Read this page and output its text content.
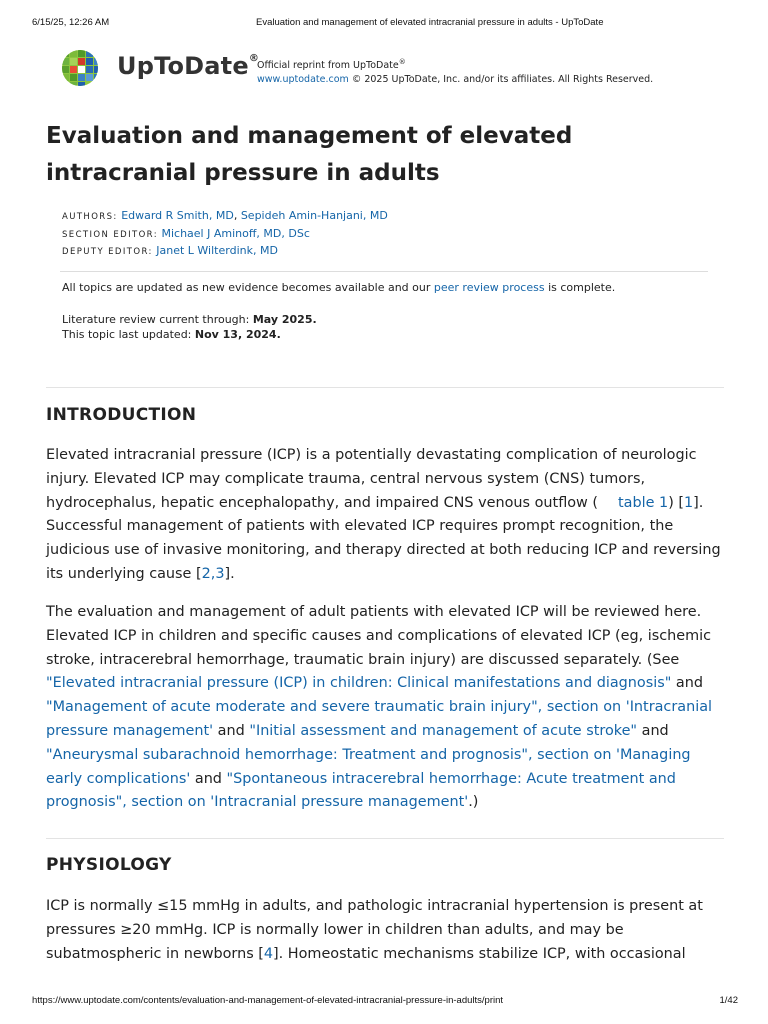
6/15/25, 12:26 AM	Evaluation and management of elevated intracranial pressure in adults - UpToDate
UpToDate®
Official reprint from UpToDate®
www.uptodate.com © 2025 UpToDate, Inc. and/or its affiliates. All Rights Reserved.
Evaluation and management of elevated intracranial pressure in adults
AUTHORS: Edward R Smith, MD, Sepideh Amin-Hanjani, MD
SECTION EDITOR: Michael J Aminoff, MD, DSc
DEPUTY EDITOR: Janet L Wilterdink, MD
All topics are updated as new evidence becomes available and our peer review process is complete.
Literature review current through: May 2025.
This topic last updated: Nov 13, 2024.
INTRODUCTION

Elevated intracranial pressure (ICP) is a potentially devastating complication of neurologic injury. Elevated ICP may complicate trauma, central nervous system (CNS) tumors, hydrocephalus, hepatic encephalopathy, and impaired CNS venous outflow ( table 1) [1]. Successful management of patients with elevated ICP requires prompt recognition, the judicious use of invasive monitoring, and therapy directed at both reducing ICP and reversing its underlying cause [2,3].

The evaluation and management of adult patients with elevated ICP will be reviewed here. Elevated ICP in children and specific causes and complications of elevated ICP (eg, ischemic stroke, intracerebral hemorrhage, traumatic brain injury) are discussed separately. (See "Elevated intracranial pressure (ICP) in children: Clinical manifestations and diagnosis" and "Management of acute moderate and severe traumatic brain injury", section on 'Intracranial pressure management' and "Initial assessment and management of acute stroke" and "Aneurysmal subarachnoid hemorrhage: Treatment and prognosis", section on 'Managing early complications' and "Spontaneous intracerebral hemorrhage: Acute treatment and prognosis", section on 'Intracranial pressure management'.)

PHYSIOLOGY

ICP is normally ≤15 mmHg in adults, and pathologic intracranial hypertension is present at pressures ≥20 mmHg. ICP is normally lower in children than adults, and may be subatmospheric in newborns [4]. Homeostatic mechanisms stabilize ICP, with occasional

https://www.uptodate.com/contents/evaluation-and-management-of-elevated-intracranial-pressure-in-adults/print	1/42
